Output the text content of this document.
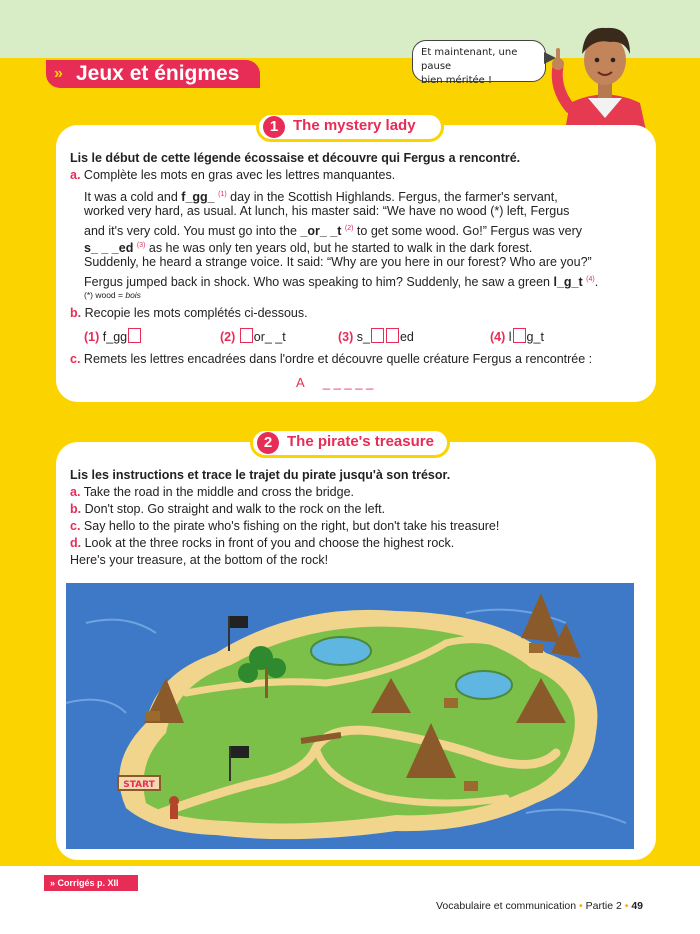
» Jeux et énigmes
Et maintenant, une pause
bien méritée !
1 The mystery lady
Lis le début de cette légende écossaise et découvre qui Fergus a rencontré.
a. Complète les mots en gras avec les lettres manquantes.
It was a cold and f_gg_ $^{(1)}$ day in the Scottish Highlands. Fergus, the farmer's servant,
worked very hard, as usual. At lunch, his master said: “We have no wood (*) left, Fergus
and it's very cold. You must go into the _or_ _t $^{(2)}$ to get some wood. Go!” Fergus was very
s_ _ _ed $^{(3)}$ as he was only ten years old, but he started to walk in the dark forest.
Suddenly, he heard a strange voice. It said: “Why are you here in our forest? Who are you?”
Fergus jumped back in shock. Who was speaking to him? Suddenly, he saw a green l_g_t $^{(4)}$.
(*) wood = bois
b. Recopie les mots complétés ci-dessous.
(1) f_gg	(2) or_ _t	(3) s_ ed	(4) l g_t
c. Remets les lettres encadrées dans l'ordre et découvre quelle créature Fergus a rencontrée :
A _ _ _ _ _
2 The pirate's treasure
Lis les instructions et trace le trajet du pirate jusqu'à son trésor.
a. Take the road in the middle and cross the bridge.
b. Don't stop. Go straight and walk to the rock on the left.
c. Say hello to the pirate who's fishing on the right, but don't take his treasure!
d. Look at the three rocks in front of you and choose the highest rock.
Here's your treasure, at the bottom of the rock!
START
» Corrigés p. XII
Vocabulaire et communication • Partie 2 • 49
